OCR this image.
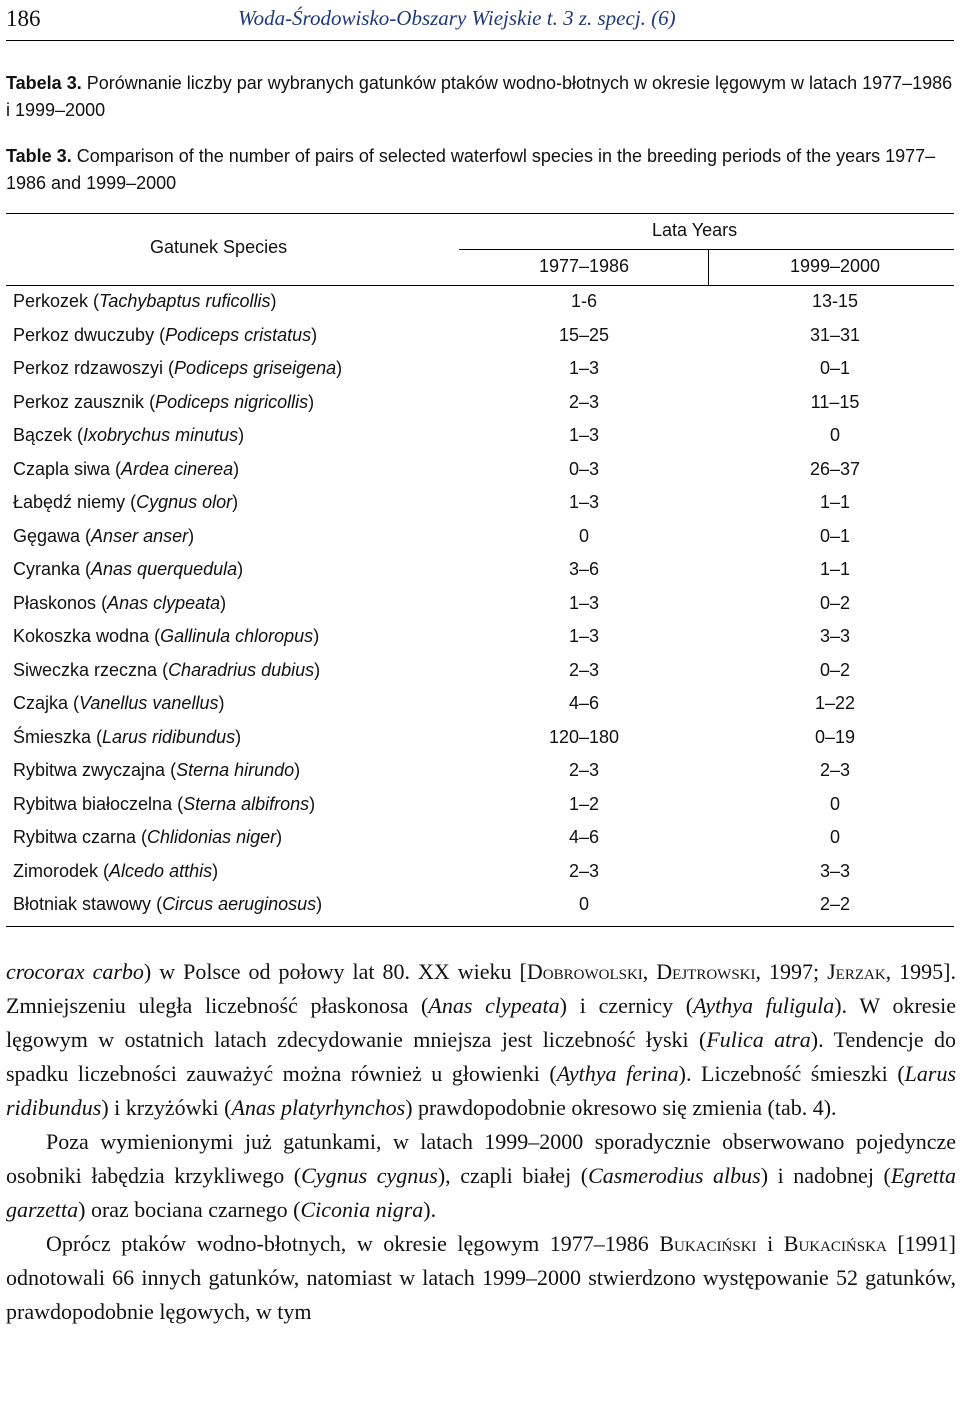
186	Woda-Środowisko-Obszary Wiejskie t. 3 z. specj. (6)
Tabela 3. Porównanie liczby par wybranych gatunków ptaków wodno-błotnych w okresie lęgowym w latach 1977–1986 i 1999–2000
Table 3. Comparison of the number of pairs of selected waterfowl species in the breeding periods of the years 1977–1986 and 1999–2000
Gatunek Species
Lata Years
1977–1986	1999–2000
Perkozek (Tachybaptus ruficollis)	1-6	13-15
Perkoz dwuczuby (Podiceps cristatus)	15–25	31–31
Perkoz rdzawoszyi (Podiceps griseigena)	1–3	0–1
Perkoz zausznik (Podiceps nigricollis)	2–3	11–15
Bączek (Ixobrychus minutus)	1–3	0
Czapla siwa (Ardea cinerea)	0–3	26–37
Łabędź niemy (Cygnus olor)	1–3	1–1
Gęgawa (Anser anser)	0	0–1
Cyranka (Anas querquedula)	3–6	1–1
Płaskonos (Anas clypeata)	1–3	0–2
Kokoszka wodna (Gallinula chloropus)	1–3	3–3
Siweczka rzeczna (Charadrius dubius)	2–3	0–2
Czajka (Vanellus vanellus)	4–6	1–22
Śmieszka (Larus ridibundus)	120–180	0–19
Rybitwa zwyczajna (Sterna hirundo)	2–3	2–3
Rybitwa białoczelna (Sterna albifrons)	1–2	0
Rybitwa czarna (Chlidonias niger)	4–6	0
Zimorodek (Alcedo atthis)	2–3	3–3
Błotniak stawowy (Circus aeruginosus)	0	2–2

crocorax carbo) w Polsce od połowy lat 80. XX wieku [Dobrowolski, Dejtrowski, 1997; Jerzak, 1995]. Zmniejszeniu uległa liczebność płaskonosa (Anas clypeata) i czernicy (Aythya fuligula). W okresie lęgowym w ostatnich latach zdecydowanie mniejsza jest liczebność łyski (Fulica atra). Tendencje do spadku liczebności zauważyć można również u głowienki (Aythya ferina). Liczebność śmieszki (Larus ridibundus) i krzyżówki (Anas platyrhynchos) prawdopodobnie okresowo się zmienia (tab. 4).

Poza wymienionymi już gatunkami, w latach 1999–2000 sporadycznie obserwowano pojedyncze osobniki łabędzia krzykliwego (Cygnus cygnus), czapli białej (Casmerodius albus) i nadobnej (Egretta garzetta) oraz bociana czarnego (Ciconia nigra).

Oprócz ptaków wodno-błotnych, w okresie lęgowym 1977–1986 Bukaciński i Bukacińska [1991] odnotowali 66 innych gatunków, natomiast w latach 1999–2000 stwierdzono występowanie 52 gatunków, prawdopodobnie lęgowych, w tym
